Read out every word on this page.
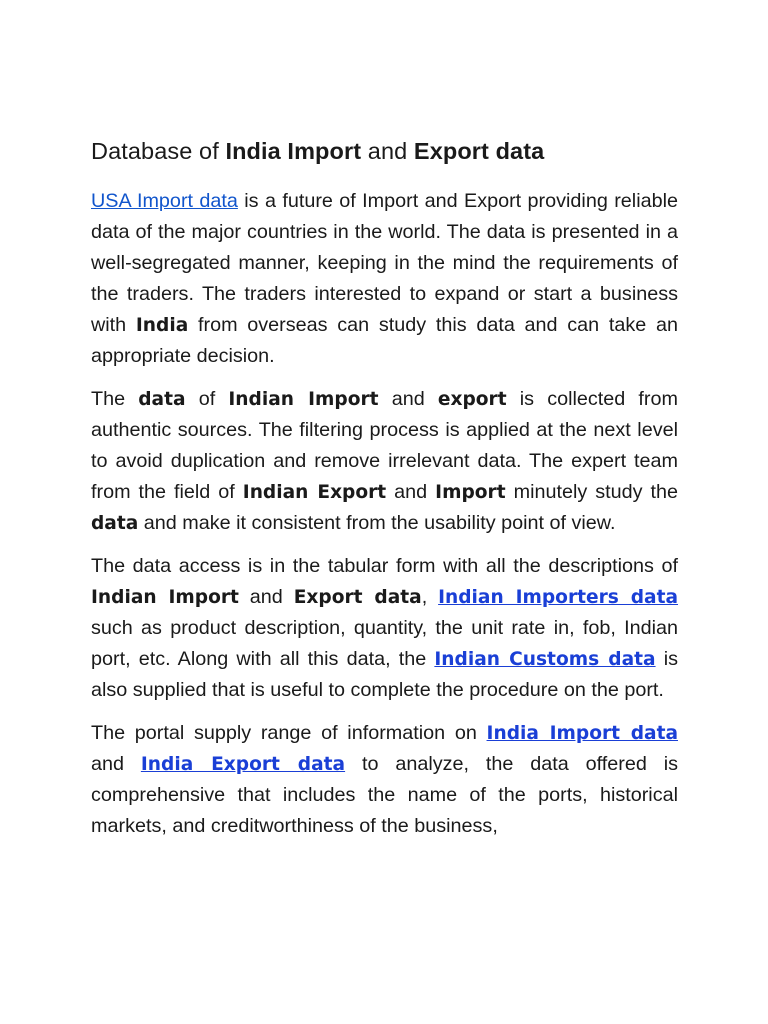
Database of India Import and Export data

USA Import data is a future of Import and Export providing reliable data of the major countries in the world. The data is presented in a well-segregated manner, keeping in the mind the requirements of the traders. The traders interested to expand or start a business with India from overseas can study this data and can take an appropriate decision.

The data of Indian Import and export is collected from authentic sources. The filtering process is applied at the next level to avoid duplication and remove irrelevant data. The expert team from the field of Indian Export and Import minutely study the data and make it consistent from the usability point of view.

The data access is in the tabular form with all the descriptions of Indian Import and Export data, Indian Importers data such as product description, quantity, the unit rate in, fob, Indian port, etc. Along with all this data, the Indian Customs data is also supplied that is useful to complete the procedure on the port.

The portal supply range of information on India Import data and India Export data to analyze, the data offered is comprehensive that includes the name of the ports, historical markets, and creditworthiness of the business,
